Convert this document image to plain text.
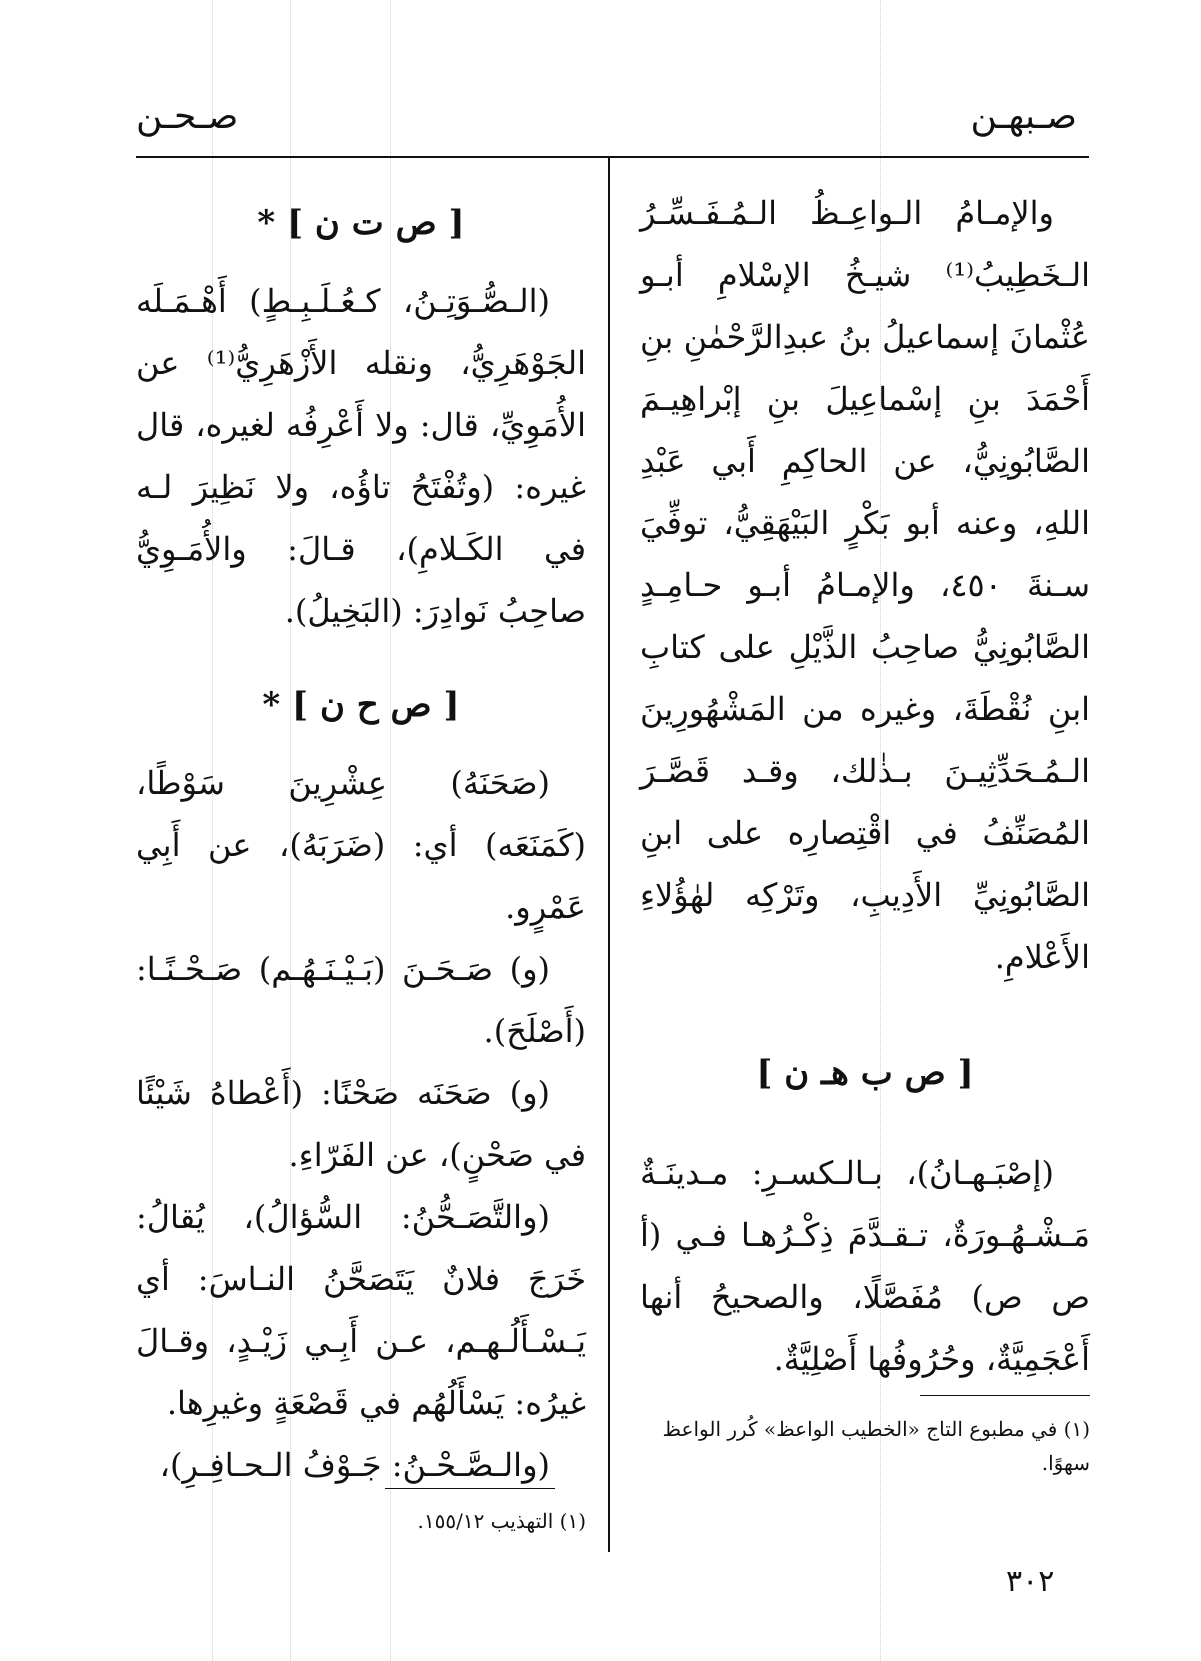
صـبهـن
صـحـن

والإمـامُ الـواعِـظُ الـمُـفَـسِّـرُ الـخَطِيبُ⁽¹⁾ شيـخُ الإسْلامِ أبـو عُثْمانَ إسماعيلُ بنُ عبدِالرَّحْمٰنِ بنِ أَحْمَدَ بنِ إسْماعِيلَ بنِ إبْراهِيـمَ الصَّابُونِيُّ، عن الحاكِمِ أَبي عَبْدِ اللهِ، وعنه أبو بَكْرٍ البَيْهَقِيُّ، توفِّيَ سـنةَ ٤٥٠، والإمـامُ أبـو حـامِـدٍ الصَّابُونِيُّ صاحِبُ الذَّيْلِ على كتابِ ابنِ نُقْطَةَ، وغيره من المَشْهُورِينَ الـمُـحَدِّثِيـنَ بـذٰلك، وقـد قَصَّـرَ المُصَنِّفُ في اقْتِصارِه على ابنِ الصَّابُونِيِّ الأَدِيبِ، وتَرْكِه لهٰؤُلاءِ الأَعْلامِ.

[ ص ب هـ ن ]

(إصْبَـهـانُ)، بـالـكسـرِ: مـدينَـةٌ مَـشْـهُـورَةٌ، تـقـدَّمَ ذِكْـرُهـا فـي (أ ص ص) مُفَصَّلًا، والصحيحُ أنها أَعْجَمِيَّةٌ، وحُرُوفُها أَصْلِيَّةٌ.

(١) في مطبوع التاج «الخطيب الواعظ» كُرر الواعظ سهوًا.
[ ص ت ن ] *

(الـصُّـوَتِـنُ، كـعُـلَـبِـطٍ) أَهْـمَـلَه الجَوْهَرِيُّ، ونقله الأَزْهَرِيُّ⁽¹⁾ عن الأُمَوِيِّ، قال: ولا أَعْرِفُه لغيره، قال غيره: (وتُفْتَحُ تاؤُه، ولا نَظِيرَ لـه في الكَـلامِ)، قـالَ: والأُمَـوِيُّ صاحِبُ نَوادِرَ: (البَخِيلُ).

[ ص ح ن ] *

(صَحَنَهُ) عِشْرِينَ سَوْطًا، (كَمَنَعَه) أي: (ضَرَبَهُ)، عن أَبِي عَمْرٍو.

(و) صَـحَـنَ (بَـيْـنَـهُـم) صَـحْـنًـا: (أَصْلَحَ).

(و) صَحَنَه صَحْنًا: (أَعْطاهُ شَيْئًا في صَحْنٍ)، عن الفَرّاءِ.

(والتَّصَـحُّنُ: السُّؤالُ)، يُقالُ: خَرَجَ فلانٌ يَتَصَحَّنُ النـاسَ: أي يَـسْـأَلُـهـم، عـن أَبِـي زَيْـدٍ، وقـالَ غيرُه: يَسْأَلُهُم في قَصْعَةٍ وغيرِها.

(والـصَّـحْـنُ: جَـوْفُ الـحـافِـرِ)،

(١) التهذيب ١٥٥/١٢.
٣٠٢
